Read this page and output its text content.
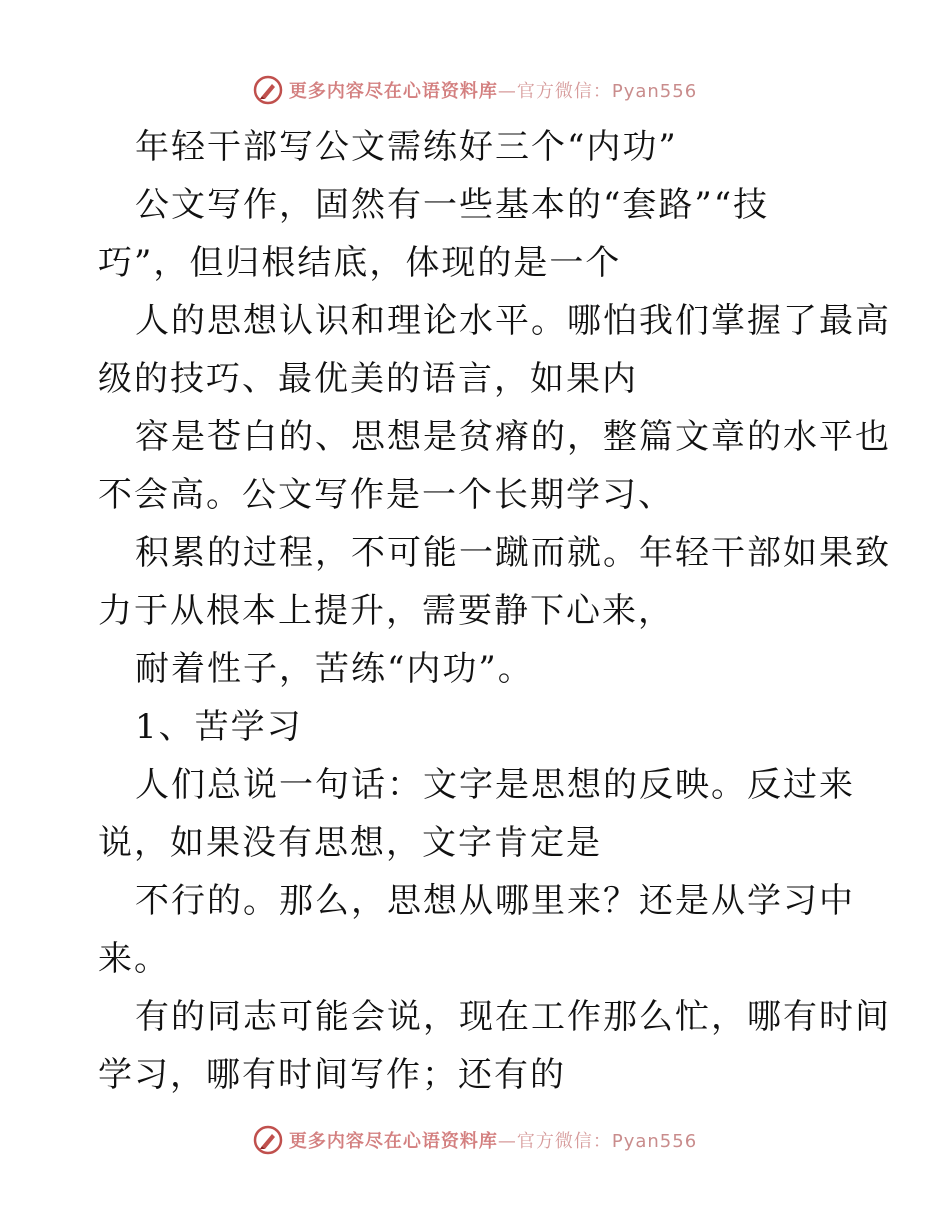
更多内容尽在心语资料库—官方微信：Pyan556
年轻干部写公文需练好三个“内功”
公文写作，固然有一些基本的“套路”“技
巧”，但归根结底，体现的是一个
人的思想认识和理论水平。哪怕我们掌握了最高
级的技巧、最优美的语言，如果内
容是苍白的、思想是贫瘠的，整篇文章的水平也
不会高。公文写作是一个长期学习、
积累的过程，不可能一蹴而就。年轻干部如果致
力于从根本上提升，需要静下心来，
耐着性子，苦练“内功”。
1、苦学习
人们总说一句话：文字是思想的反映。反过来
说，如果没有思想，文字肯定是
不行的。那么，思想从哪里来？还是从学习中
来。
有的同志可能会说，现在工作那么忙，哪有时间
学习，哪有时间写作；还有的
更多内容尽在心语资料库—官方微信：Pyan556
